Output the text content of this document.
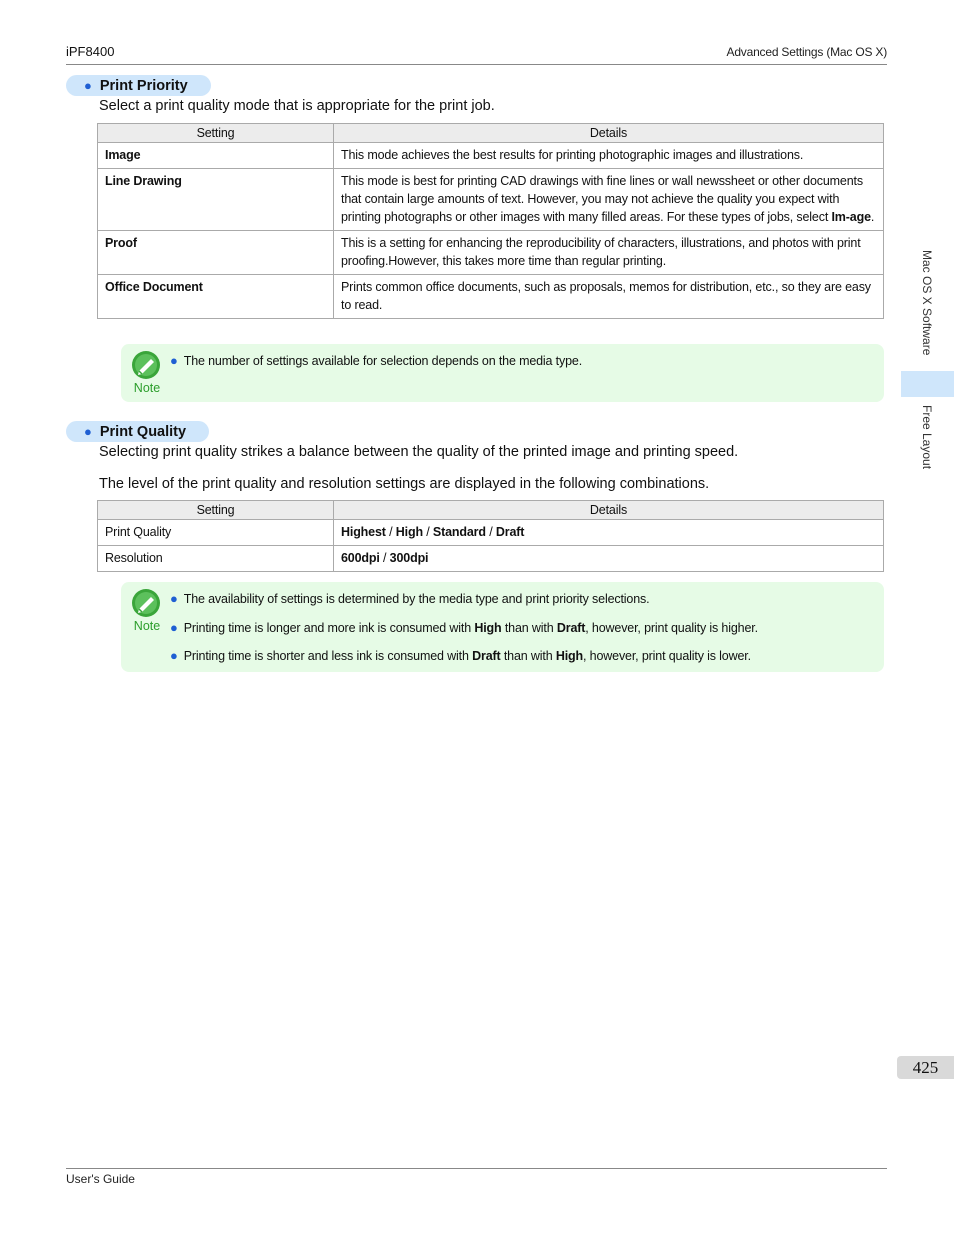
iPF8400	Advanced Settings (Mac OS X)
● Print Priority
Select a print quality mode that is appropriate for the print job.
Setting	Details
Image	This mode achieves the best results for printing photographic images and illustrations.
Line Drawing	This mode is best for printing CAD drawings with fine lines or wall newssheet or other documents that contain large amounts of text. However, you may not achieve the quality you expect with printing photographs or other images with many filled areas. For these types of jobs, select Im-age.
Proof	This is a setting for enhancing the reproducibility of characters, illustrations, and photos with print proofing.However, this takes more time than regular printing.
Office Document	Prints common office documents, such as proposals, memos for distribution, etc., so they are easy to read.
Note
● The number of settings available for selection depends on the media type.
● Print Quality
Selecting print quality strikes a balance between the quality of the printed image and printing speed.
The level of the print quality and resolution settings are displayed in the following combinations.
Setting	Details
Print Quality	Highest / High / Standard / Draft
Resolution	600dpi / 300dpi
Note
● The availability of settings is determined by the media type and print priority selections.
● Printing time is longer and more ink is consumed with High than with Draft, however, print quality is higher.
● Printing time is shorter and less ink is consumed with Draft than with High, however, print quality is lower.
Mac OS X Software
Free Layout
425
User's Guide
